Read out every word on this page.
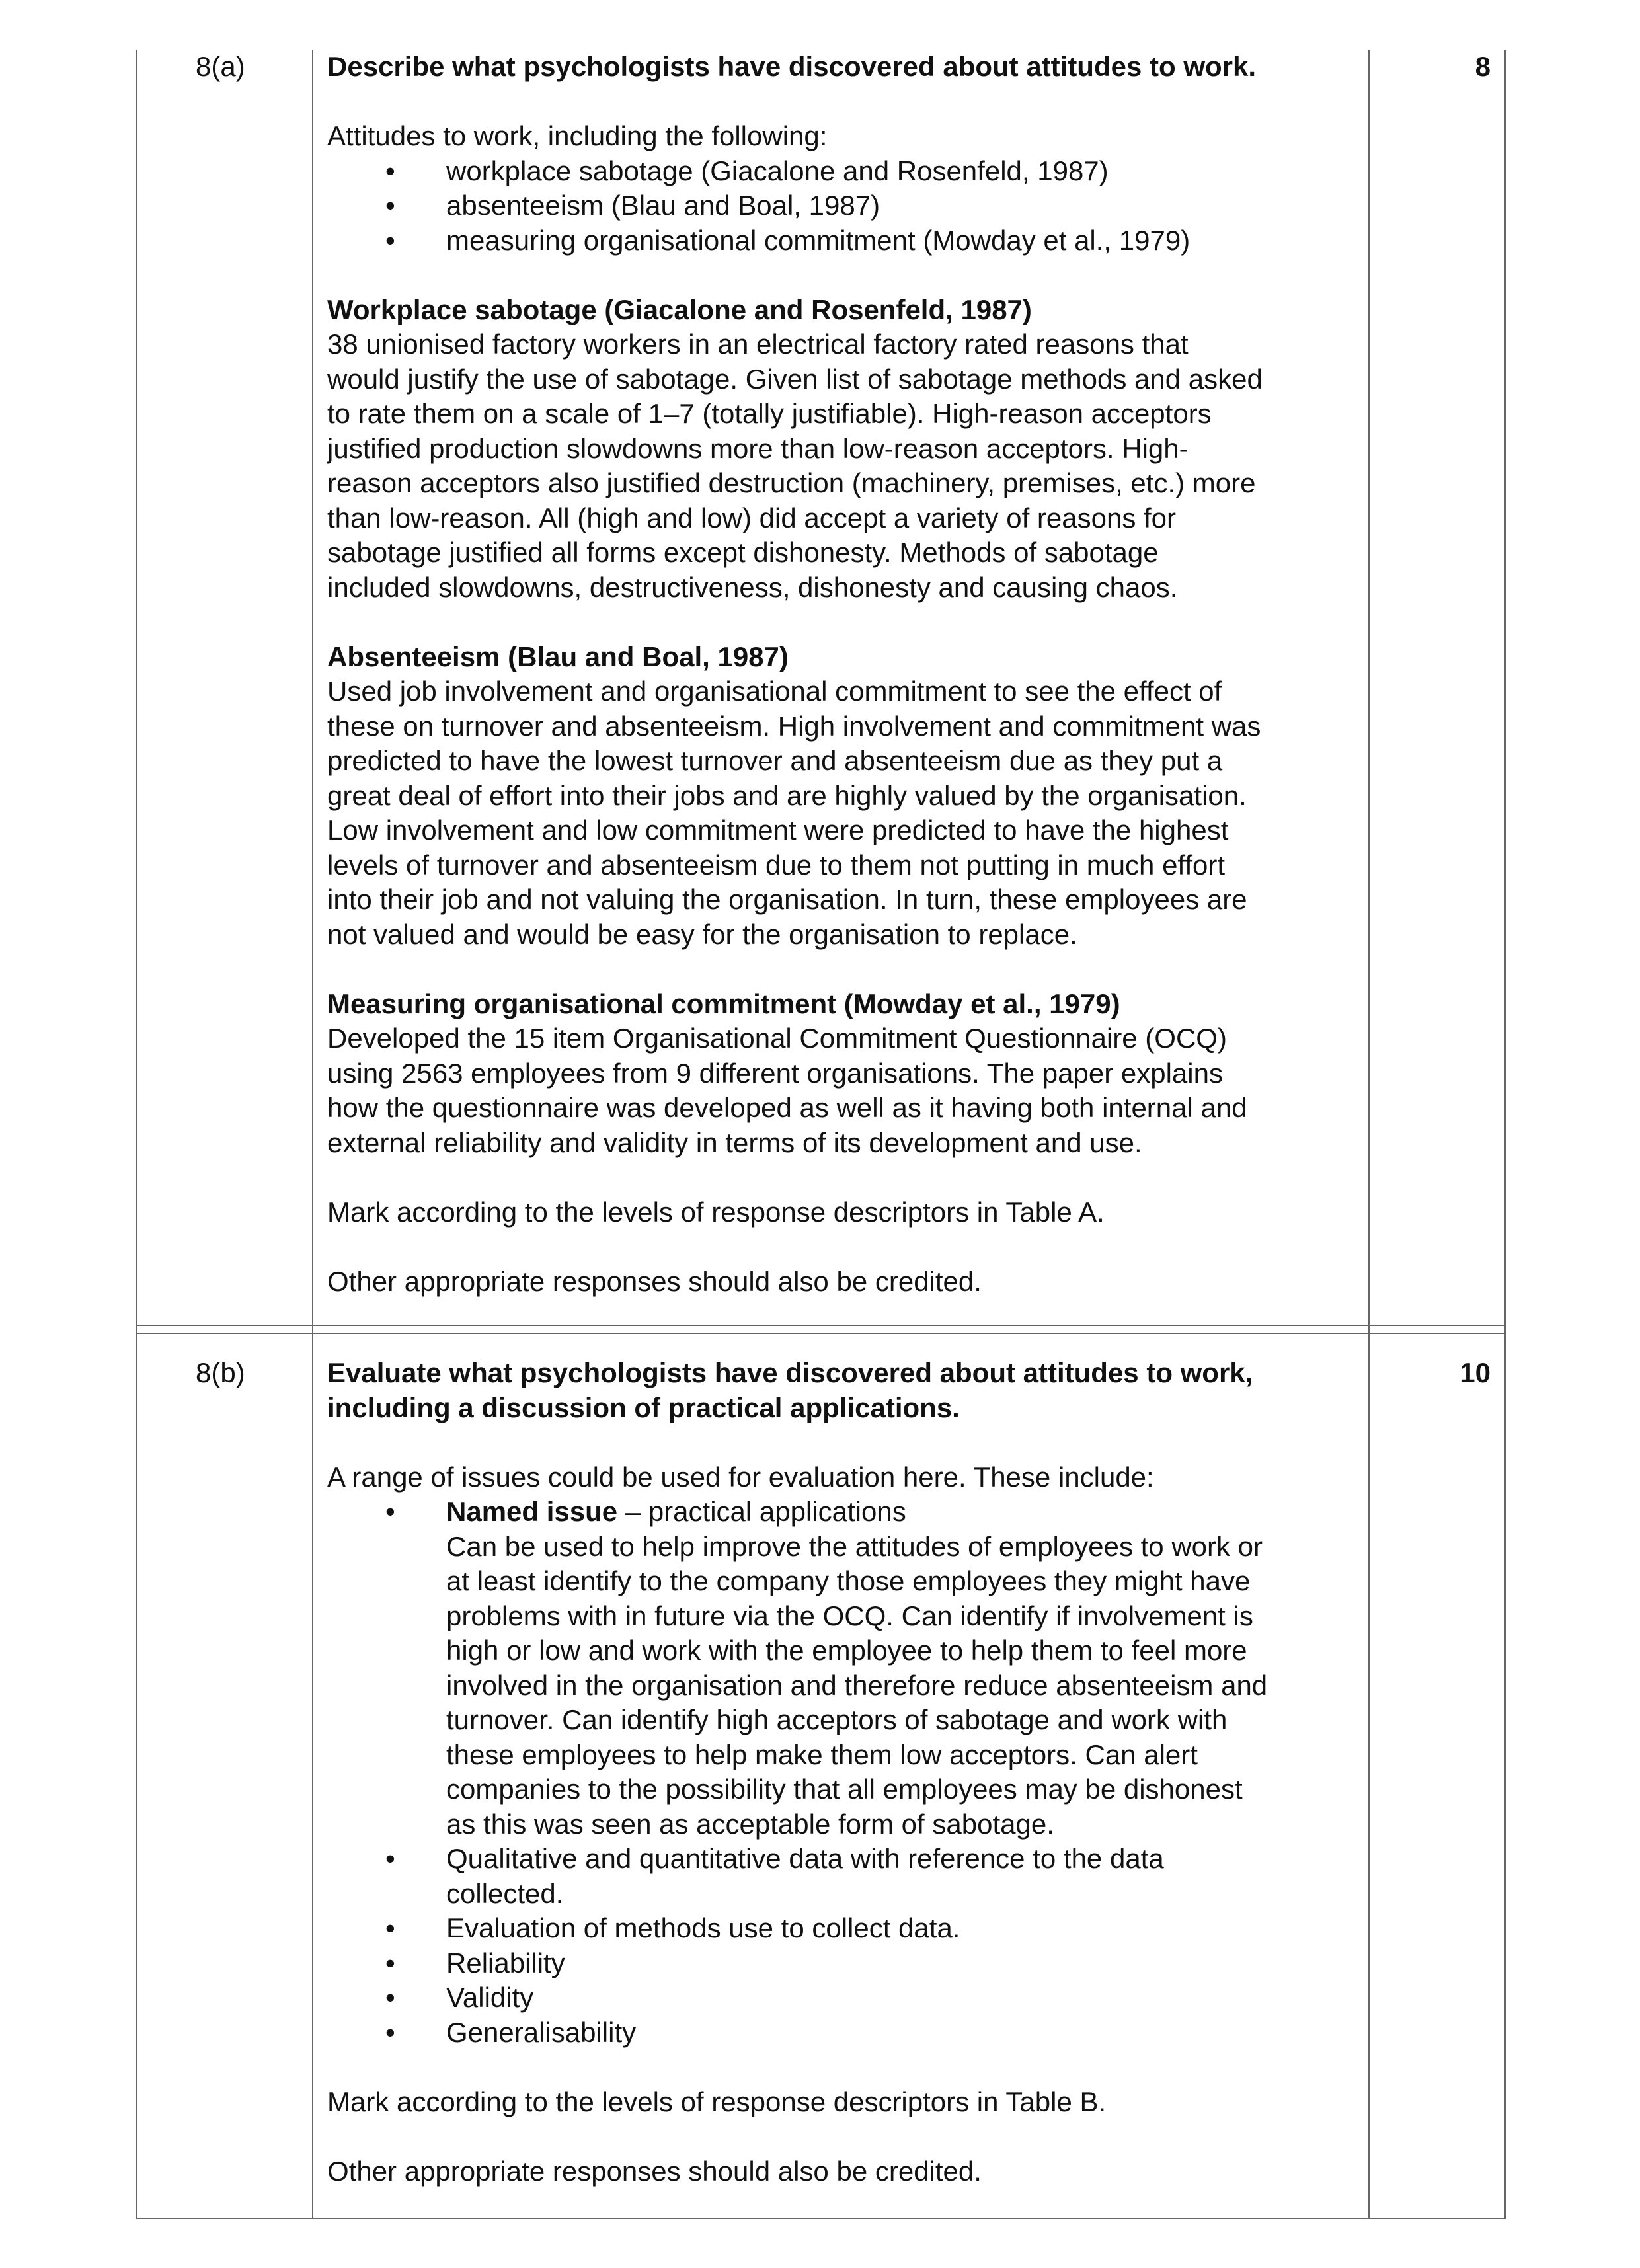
8(a)	8

Describe what psychologists have discovered about attitudes to work.

Attitudes to work, including the following:

• workplace sabotage (Giacalone and Rosenfeld, 1987)
• absenteeism (Blau and Boal, 1987)
• measuring organisational commitment (Mowday et al., 1979)

Workplace sabotage (Giacalone and Rosenfeld, 1987)

38 unionised factory workers in an electrical factory rated reasons that
would justify the use of sabotage. Given list of sabotage methods and asked
to rate them on a scale of 1–7 (totally justifiable). High-reason acceptors
justified production slowdowns more than low-reason acceptors. High-
reason acceptors also justified destruction (machinery, premises, etc.) more
than low-reason. All (high and low) did accept a variety of reasons for
sabotage justified all forms except dishonesty. Methods of sabotage
included slowdowns, destructiveness, dishonesty and causing chaos.

Absenteeism (Blau and Boal, 1987)

Used job involvement and organisational commitment to see the effect of
these on turnover and absenteeism. High involvement and commitment was
predicted to have the lowest turnover and absenteeism due as they put a
great deal of effort into their jobs and are highly valued by the organisation.
Low involvement and low commitment were predicted to have the highest
levels of turnover and absenteeism due to them not putting in much effort
into their job and not valuing the organisation. In turn, these employees are
not valued and would be easy for the organisation to replace.

Measuring organisational commitment (Mowday et al., 1979)

Developed the 15 item Organisational Commitment Questionnaire (OCQ)
using 2563 employees from 9 different organisations. The paper explains
how the questionnaire was developed as well as it having both internal and
external reliability and validity in terms of its development and use.

Mark according to the levels of response descriptors in Table A.

Other appropriate responses should also be credited.

8(b)	10

Evaluate what psychologists have discovered about attitudes to work,

including a discussion of practical applications.

A range of issues could be used for evaluation here. These include:

• Named issue – practical applications
Can be used to help improve the attitudes of employees to work or
at least identify to the company those employees they might have
problems with in future via the OCQ. Can identify if involvement is
high or low and work with the employee to help them to feel more
involved in the organisation and therefore reduce absenteeism and
turnover. Can identify high acceptors of sabotage and work with
these employees to help make them low acceptors. Can alert
companies to the possibility that all employees may be dishonest
as this was seen as acceptable form of sabotage.
• Qualitative and quantitative data with reference to the data
collected.
• Evaluation of methods use to collect data.
• Reliability
• Validity
• Generalisability

Mark according to the levels of response descriptors in Table B.

Other appropriate responses should also be credited.
